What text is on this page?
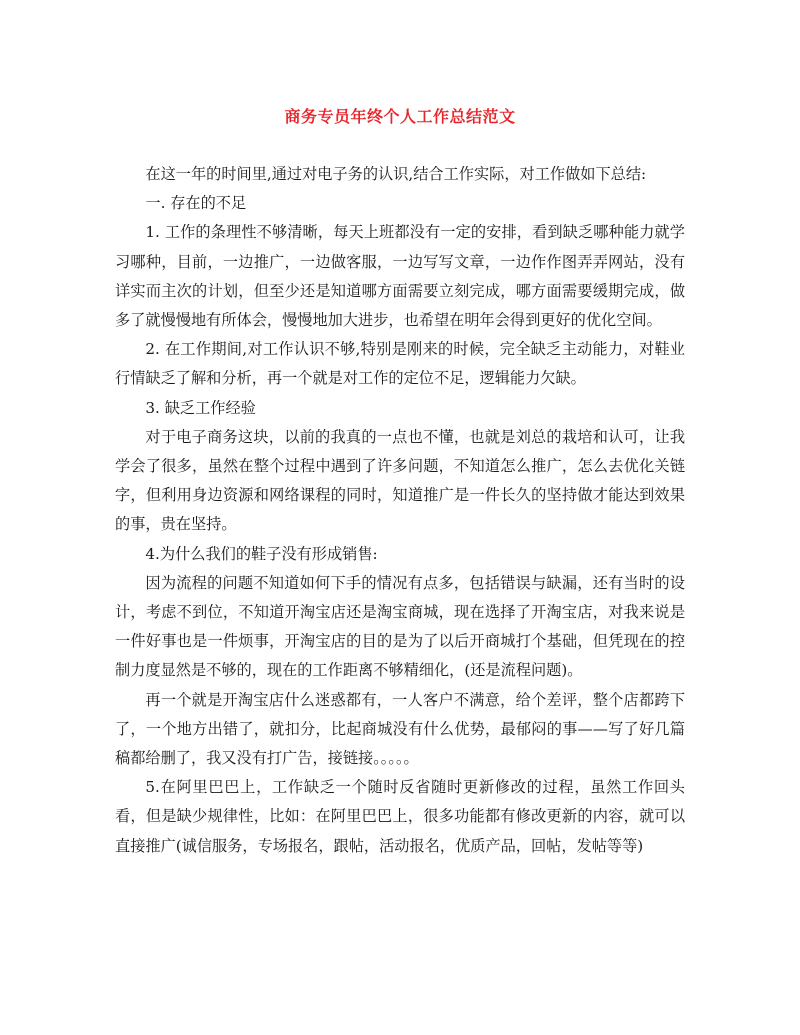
商务专员年终个人工作总结范文

在这一年的时间里,通过对电子务的认识,结合工作实际，对工作做如下总结:

一. 存在的不足

1. 工作的条理性不够清晰，每天上班都没有一定的安排，看到缺乏哪种能力就学习哪种，目前，一边推广，一边做客服，一边写写文章，一边作作图弄弄网站，没有详实而主次的计划，但至少还是知道哪方面需要立刻完成，哪方面需要缓期完成，做多了就慢慢地有所体会，慢慢地加大进步，也希望在明年会得到更好的优化空间。

2. 在工作期间,对工作认识不够,特别是刚来的时候，完全缺乏主动能力，对鞋业行情缺乏了解和分析，再一个就是对工作的定位不足，逻辑能力欠缺。

3. 缺乏工作经验

对于电子商务这块，以前的我真的一点也不懂，也就是刘总的栽培和认可，让我学会了很多，虽然在整个过程中遇到了许多问题，不知道怎么推广，怎么去优化关链字，但利用身边资源和网络课程的同时，知道推广是一件长久的坚持做才能达到效果的事，贵在坚持。

4.为什么我们的鞋子没有形成销售:

因为流程的问题不知道如何下手的情况有点多，包括错误与缺漏，还有当时的设计，考虑不到位，不知道开淘宝店还是淘宝商城，现在选择了开淘宝店，对我来说是一件好事也是一件烦事，开淘宝店的目的是为了以后开商城打个基础，但凭现在的控制力度显然是不够的，现在的工作距离不够精细化，(还是流程问题)。

再一个就是开淘宝店什么迷惑都有，一人客户不满意，给个差评，整个店都跨下了，一个地方出错了，就扣分，比起商城没有什么优势，最郁闷的事——写了好几篇稿都给删了，我又没有打广告，接链接。。。。。

5.在阿里巴巴上，工作缺乏一个随时反省随时更新修改的过程，虽然工作回头看，但是缺少规律性，比如：在阿里巴巴上，很多功能都有修改更新的内容，就可以直接推广(诚信服务，专场报名，跟帖，活动报名，优质产品，回帖，发帖等等)
